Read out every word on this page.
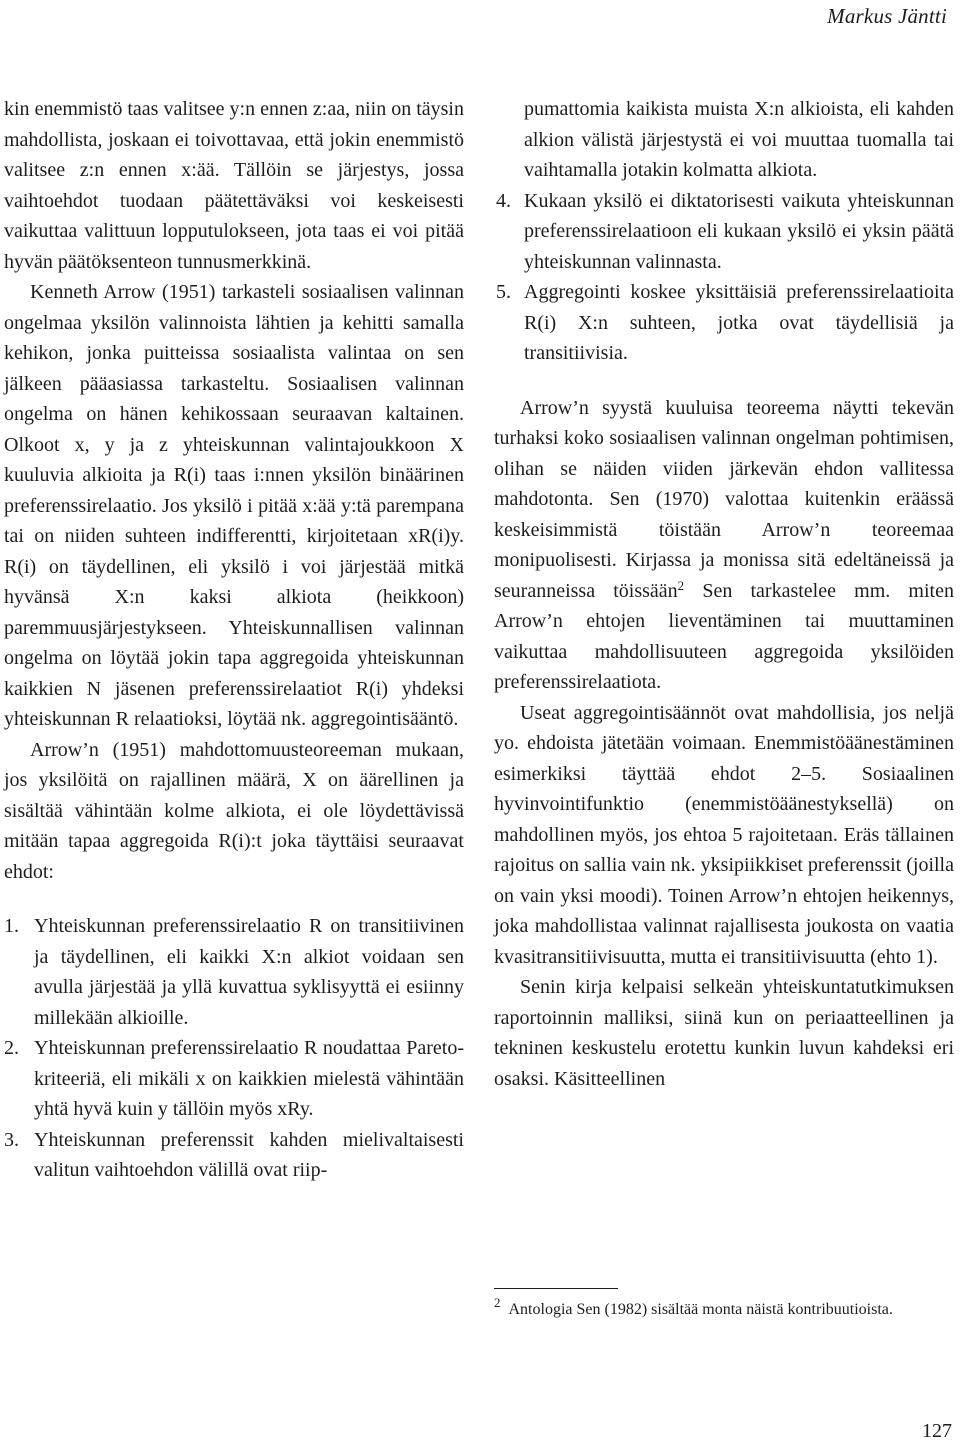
Markus Jäntti

kin enemmistö taas valitsee y:n ennen z:aa, niin on täysin mahdollista, joskaan ei toivottavaa, että jokin enemmistö valitsee z:n ennen x:ää. Tällöin se järjestys, jossa vaihtoehdot tuodaan päätettäväksi voi keskeisesti vaikuttaa valittuun lopputulokseen, jota taas ei voi pitää hyvän päätöksenteon tunnusmerkkinä.

Kenneth Arrow (1951) tarkasteli sosiaalisen valinnan ongelmaa yksilön valinnoista lähtien ja kehitti samalla kehikon, jonka puitteissa sosiaalista valintaa on sen jälkeen pääasiassa tarkasteltu. Sosiaalisen valinnan ongelma on hänen kehikossaan seuraavan kaltainen. Olkoot x, y ja z yhteiskunnan valintajoukkoon X kuuluvia alkioita ja R(i) taas i:nnen yksilön binäärinen preferenssirelaatio. Jos yksilö i pitää x:ää y:tä parempana tai on niiden suhteen indifferentti, kirjoitetaan xR(i)y. R(i) on täydellinen, eli yksilö i voi järjestää mitkä hyvänsä X:n kaksi alkiota (heikkoon) paremmuusjärjestykseen. Yhteiskunnallisen valinnan ongelma on löytää jokin tapa aggregoida yhteiskunnan kaikkien N jäsenen preferenssirelaatiot R(i) yhdeksi yhteiskunnan R relaatioksi, löytää nk. aggregointisääntö.

Arrow’n (1951) mahdottomuusteoreeman mukaan, jos yksilöitä on rajallinen määrä, X on äärellinen ja sisältää vähintään kolme alkiota, ei ole löydettävissä mitään tapaa aggregoida R(i):t joka täyttäisi seuraavat ehdot:

1. Yhteiskunnan preferenssirelaatio R on transitiivinen ja täydellinen, eli kaikki X:n alkiot voidaan sen avulla järjestää ja yllä kuvattua syklisyyttä ei esiinny millekään alkioille.
2. Yhteiskunnan preferenssirelaatio R noudattaa Pareto-kriteeriä, eli mikäli x on kaikkien mielestä vähintään yhtä hyvä kuin y tällöin myös xRy.
3. Yhteiskunnan preferenssit kahden mielivaltaisesti valitun vaihtoehdon välillä ovat riip-
pumattomia kaikista muista X:n alkioista, eli kahden alkion välistä järjestystä ei voi muuttaa tuomalla tai vaihtamalla jotakin kolmatta alkiota.
4. Kukaan yksilö ei diktatorisesti vaikuta yhteiskunnan preferenssirelaatioon eli kukaan yksilö ei yksin päätä yhteiskunnan valinnasta.
5. Aggregointi koskee yksittäisiä preferenssirelaatioita R(i) X:n suhteen, jotka ovat täydellisiä ja transitiivisia.

Arrow’n syystä kuuluisa teoreema näytti tekevän turhaksi koko sosiaalisen valinnan ongelman pohtimisen, olihan se näiden viiden järkevän ehdon vallitessa mahdotonta. Sen (1970) valottaa kuitenkin eräässä keskeisimmistä töistään Arrow’n teoreemaa monipuolisesti. Kirjassa ja monissa sitä edeltäneissä ja seuranneissa töissään$^2$ Sen tarkastelee mm. miten Arrow’n ehtojen lieventäminen tai muuttaminen vaikuttaa mahdollisuuteen aggregoida yksilöiden preferenssirelaatiota.

Useat aggregointisäännöt ovat mahdollisia, jos neljä yo. ehdoista jätetään voimaan. Enemmistöäänestäminen esimerkiksi täyttää ehdot 2–5. Sosiaalinen hyvinvointifunktio (enemmistöäänestyksellä) on mahdollinen myös, jos ehtoa 5 rajoitetaan. Eräs tällainen rajoitus on sallia vain nk. yksipiikkiset preferenssit (joilla on vain yksi moodi). Toinen Arrow’n ehtojen heikennys, joka mahdollistaa valinnat rajallisesta joukosta on vaatia kvasitransitiivisuutta, mutta ei transitiivisuutta (ehto 1).

Senin kirja kelpaisi selkeän yhteiskuntatutkimuksen raportoinnin malliksi, siinä kun on periaatteellinen ja tekninen keskustelu erotettu kunkin luvun kahdeksi eri osaksi. Käsitteellinen

$^2$ Antologia Sen (1982) sisältää monta näistä kontribuutioista.
127
